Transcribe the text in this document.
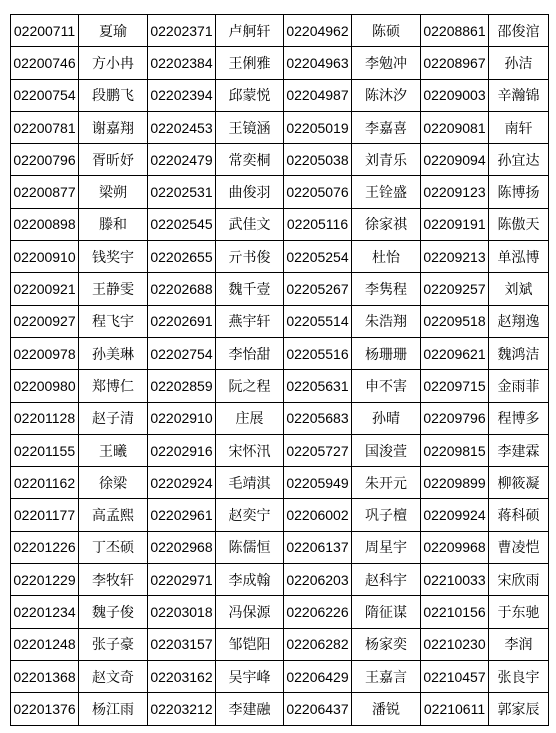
02200711	夏瑜	02202371	卢舸轩	02204962	陈硕	02208861	邵俊涫
02200746	方小冉	02202384	王俐雅	02204963	李勉冲	02208967	孙洁
02200754	段鹏飞	02202394	邱蒙悦	02204987	陈沐汐	02209003	辛瀚锦
02200781	谢嘉翔	02202453	王镜涵	02205019	李嘉喜	02209081	南轩
02200796	胥昕妤	02202479	常奕桐	02205038	刘青乐	02209094	孙宜达
02200877	梁朔	02202531	曲俊羽	02205076	王铨盛	02209123	陈博扬
02200898	滕和	02202545	武佳文	02205116	徐家祺	02209191	陈傲天
02200910	钱奖宇	02202655	亓书俊	02205254	杜怡	02209213	单泓博
02200921	王静雯	02202688	魏千壹	02205267	李隽程	02209257	刘斌
02200927	程飞宇	02202691	燕宇轩	02205514	朱浩翔	02209518	赵翔逸
02200978	孙美琳	02202754	李怡甜	02205516	杨珊珊	02209621	魏鸿洁
02200980	郑博仁	02202859	阮之程	02205631	申不害	02209715	金雨菲
02201128	赵子清	02202910	庄展	02205683	孙晴	02209796	程博多
02201155	王曦	02202916	宋怀汛	02205727	国浚萱	02209815	李建霖
02201162	徐梁	02202924	毛靖淇	02205949	朱开元	02209899	柳筱凝
02201177	高孟熙	02202961	赵奕宁	02206002	巩子檀	02209924	蒋科硕
02201226	丁丕硕	02202968	陈儒恒	02206137	周星宇	02209968	曹凌恺
02201229	李牧轩	02202971	李成翰	02206203	赵科宇	02210033	宋欣雨
02201234	魏子俊	02203018	冯保源	02206226	隋征谋	02210156	于东驰
02201248	张子豪	02203157	邹铠阳	02206282	杨家奕	02210230	李润
02201368	赵文奇	02203162	吴宇峰	02206429	王嘉言	02210457	张良宇
02201376	杨江雨	02203212	李建融	02206437	潘锐	02210611	郭家辰
